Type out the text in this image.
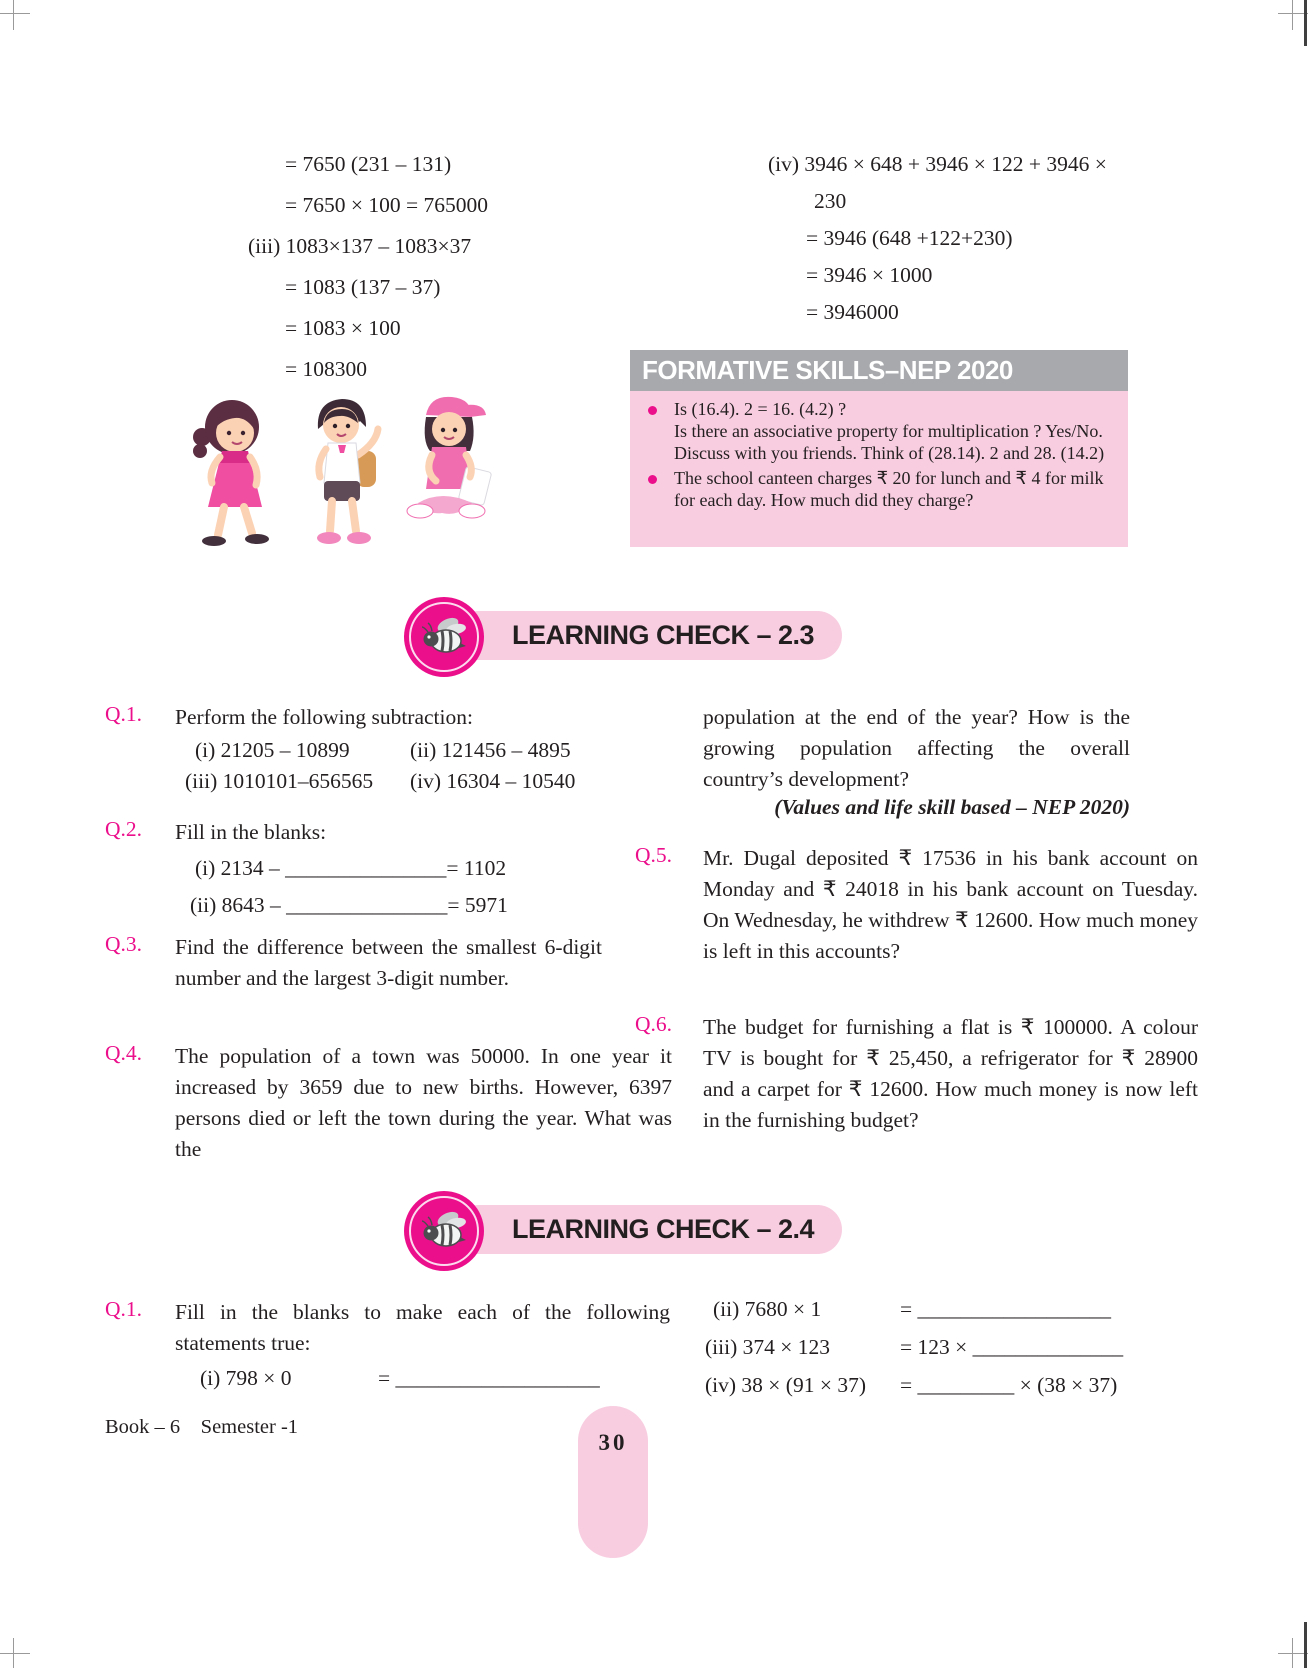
= 7650 (231 – 131)
= 7650 × 100 = 765000
(iii) 1083×137 – 1083×37
= 1083 (137 – 37)
= 1083 × 100
= 108300
(iv) 3946 × 648 + 3946 × 122 + 3946 ×
230
= 3946 (648 +122+230)
= 3946 × 1000
= 3946000
FORMATIVE SKILLS–NEP 2020

Is (16.4). 2 = 16. (4.2) ?
Is there an associative property for multiplication ? Yes/No. Discuss with you friends. Think of (28.14). 2 and 28. (14.2)

The school canteen charges ₹ 20 for lunch and ₹ 4 for milk for each day. How much did they charge?

LEARNING CHECK – 2.3
Q.1. Perform the following subtraction:

(i) 21205 – 10899	(ii) 121456 – 4895
(iii) 1010101–656565	(iv) 16304 – 10540
Q.2. Fill in the blanks:

(i) 2134 – _______________= 1102
(ii) 8643 – _______________= 5971
Q.3. Find the difference between the smallest 6-digit number and the largest 3-digit number.

Q.4. The population of a town was 50000. In one year it increased by 3659 due to new births. However, 6397 persons died or left the town during the year. What was the

population at the end of the year? How is the growing population affecting the overall country’s development?

(Values and life skill based – NEP 2020)
Q.5. Mr. Dugal deposited ₹ 17536 in his bank account on Monday and ₹ 24018 in his bank account on Tuesday. On Wednesday, he withdrew ₹ 12600. How much money is left in this accounts?

Q.6. The budget for furnishing a flat is ₹ 100000. A colour TV is bought for ₹ 25,450, a refrigerator for ₹ 28900 and a carpet for ₹ 12600. How much money is now left in the furnishing budget?

LEARNING CHECK – 2.4
Q.1. Fill in the blanks to make each of the following statements true:

(i) 798 × 0	= ___________________
(ii) 7680 × 1	= __________________
(iii) 374 × 123	= 123 × ______________
(iv) 38 × (91 × 37)	= _________ × (38 × 37)
Book – 6    Semester -1
30
